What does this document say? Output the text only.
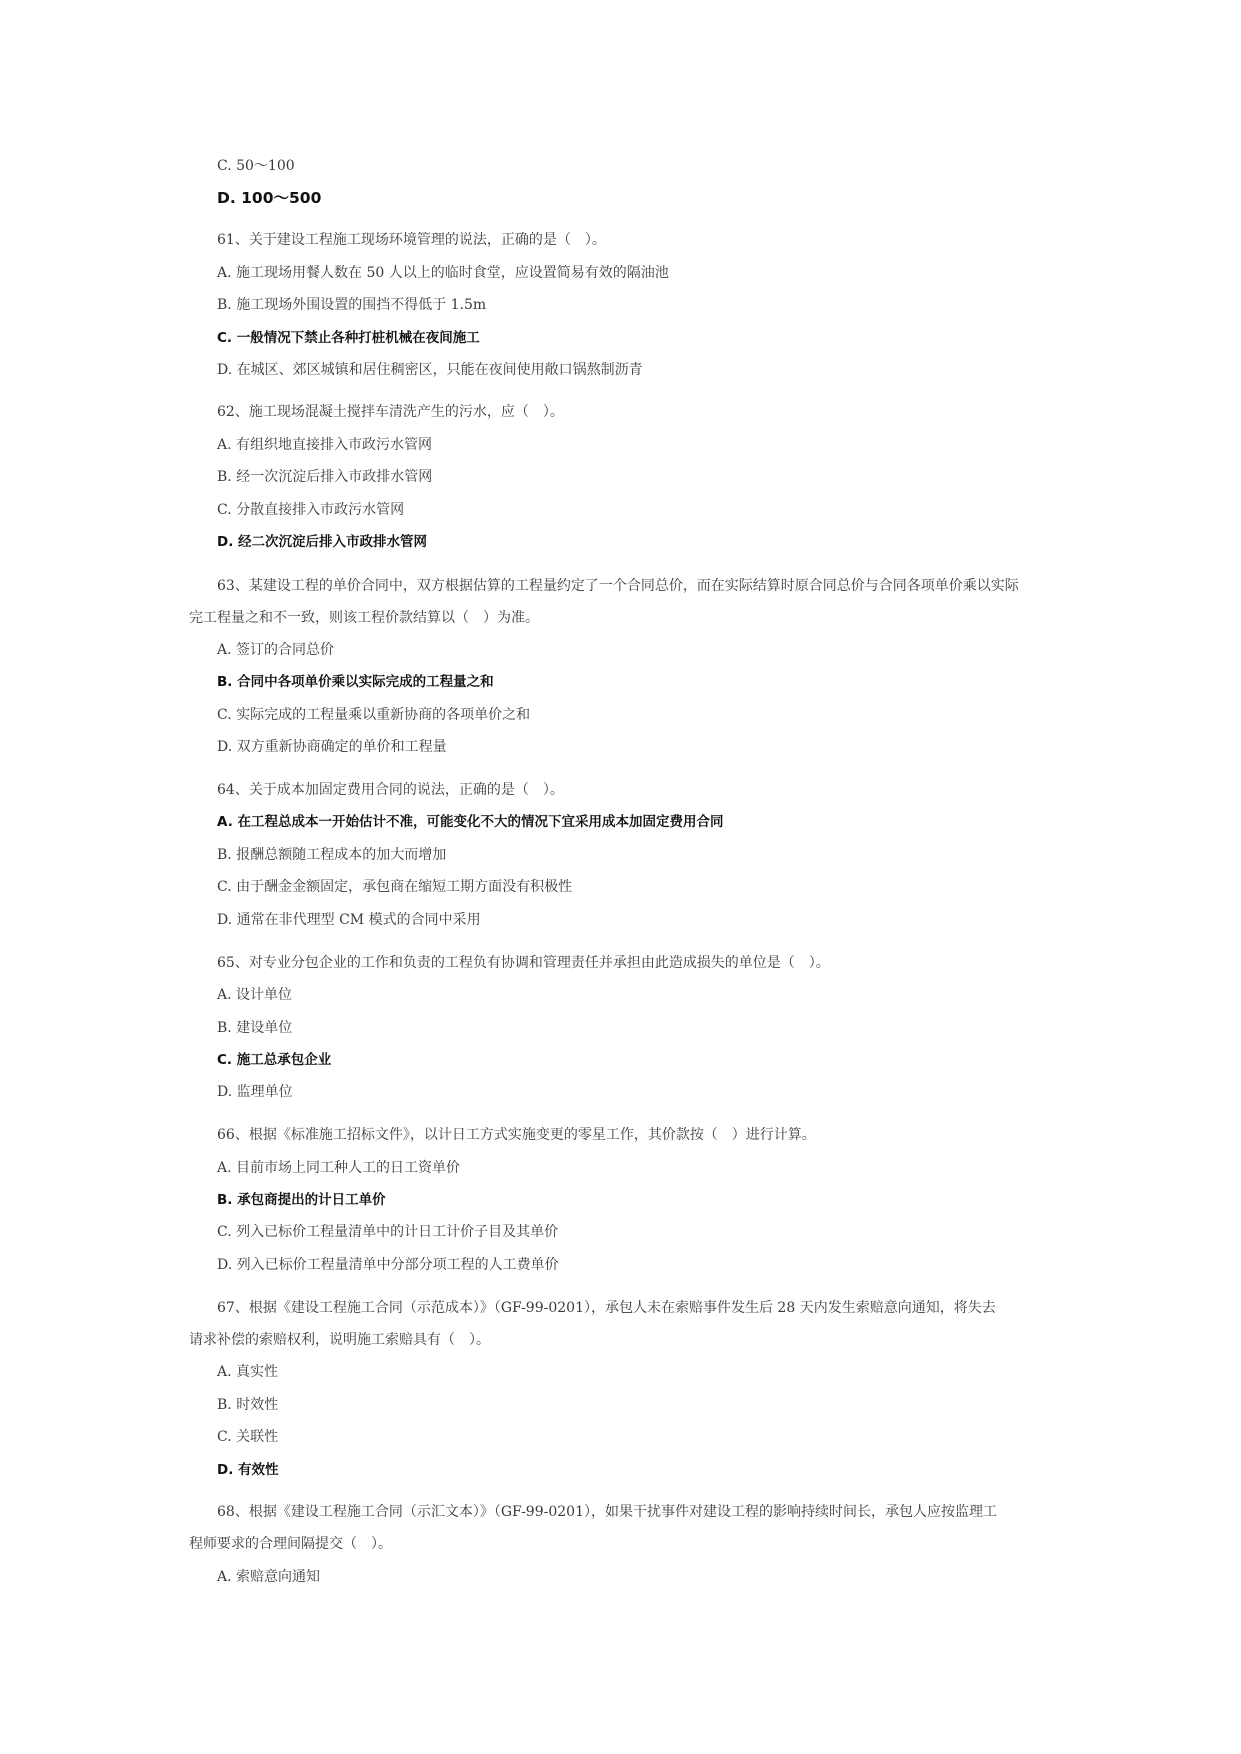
C. 50～100
D. 100～500
61、关于建设工程施工现场环境管理的说法，正确的是（　）。
A. 施工现场用餐人数在 50 人以上的临时食堂，应设置简易有效的隔油池
B. 施工现场外围设置的围挡不得低于 1.5m
C. 一般情况下禁止各种打桩机械在夜间施工
D. 在城区、郊区城镇和居住稠密区，只能在夜间使用敞口锅熬制沥青
62、施工现场混凝土搅拌车清洗产生的污水，应（　）。
A. 有组织地直接排入市政污水管网
B. 经一次沉淀后排入市政排水管网
C. 分散直接排入市政污水管网
D. 经二次沉淀后排入市政排水管网
63、某建设工程的单价合同中，双方根据估算的工程量约定了一个合同总价，而在实际结算时原合同总价与合同各项单价乘以实际
完工程量之和不一致，则该工程价款结算以（　）为准。
A. 签订的合同总价
B. 合同中各项单价乘以实际完成的工程量之和
C. 实际完成的工程量乘以重新协商的各项单价之和
D. 双方重新协商确定的单价和工程量
64、关于成本加固定费用合同的说法，正确的是（　）。
A. 在工程总成本一开始估计不准，可能变化不大的情况下宜采用成本加固定费用合同
B. 报酬总额随工程成本的加大而增加
C. 由于酬金金额固定，承包商在缩短工期方面没有积极性
D. 通常在非代理型 CM 模式的合同中采用
65、对专业分包企业的工作和负责的工程负有协调和管理责任并承担由此造成损失的单位是（　）。
A. 设计单位
B. 建设单位
C. 施工总承包企业
D. 监理单位
66、根据《标准施工招标文件》，以计日工方式实施变更的零星工作，其价款按（　）进行计算。
A. 目前市场上同工种人工的日工资单价
B. 承包商提出的计日工单价
C. 列入已标价工程量清单中的计日工计价子目及其单价
D. 列入已标价工程量清单中分部分项工程的人工费单价
67、根据《建设工程施工合同（示范成本）》（GF-99-0201），承包人未在索赔事件发生后 28 天内发生索赔意向通知，将失去
请求补偿的索赔权利，说明施工索赔具有（　）。
A. 真实性
B. 时效性
C. 关联性
D. 有效性
68、根据《建设工程施工合同（示汇文本）》（GF-99-0201），如果干扰事件对建设工程的影响持续时间长，承包人应按监理工
程师要求的合理间隔提交（　）。
A. 索赔意向通知
